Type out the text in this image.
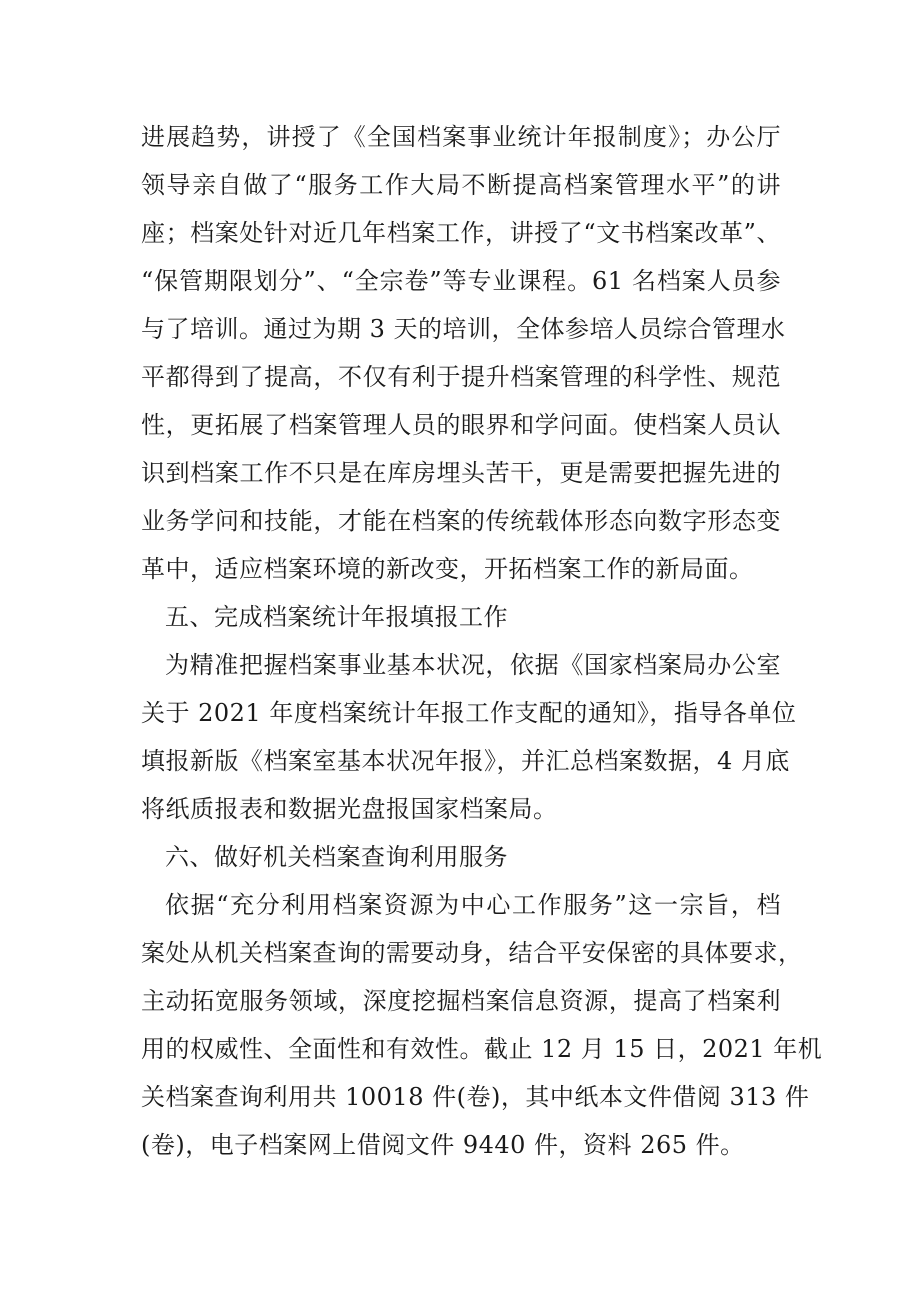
进展趋势，讲授了《全国档案事业统计年报制度》；办公厅
领导亲自做了“服务工作大局不断提高档案管理水平”的讲
座；档案处针对近几年档案工作，讲授了“文书档案改革”、
“保管期限划分”、“全宗卷”等专业课程。61 名档案人员参
与了培训。通过为期 3 天的培训，全体参培人员综合管理水
平都得到了提高，不仅有利于提升档案管理的科学性、规范
性，更拓展了档案管理人员的眼界和学问面。使档案人员认
识到档案工作不只是在库房埋头苦干，更是需要把握先进的
业务学问和技能，才能在档案的传统载体形态向数字形态变
革中，适应档案环境的新改变，开拓档案工作的新局面。
五、完成档案统计年报填报工作
为精准把握档案事业基本状况，依据《国家档案局办公室
关于 2021 年度档案统计年报工作支配的通知》，指导各单位
填报新版《档案室基本状况年报》，并汇总档案数据，4 月底
将纸质报表和数据光盘报国家档案局。
六、做好机关档案查询利用服务
依据“充分利用档案资源为中心工作服务”这一宗旨，档
案处从机关档案查询的需要动身，结合平安保密的具体要求，
主动拓宽服务领域，深度挖掘档案信息资源，提高了档案利
用的权威性、全面性和有效性。截止 12 月 15 日，2021 年机
关档案查询利用共 10018 件(卷)，其中纸本文件借阅 313 件
(卷)，电子档案网上借阅文件 9440 件，资料 265 件。
